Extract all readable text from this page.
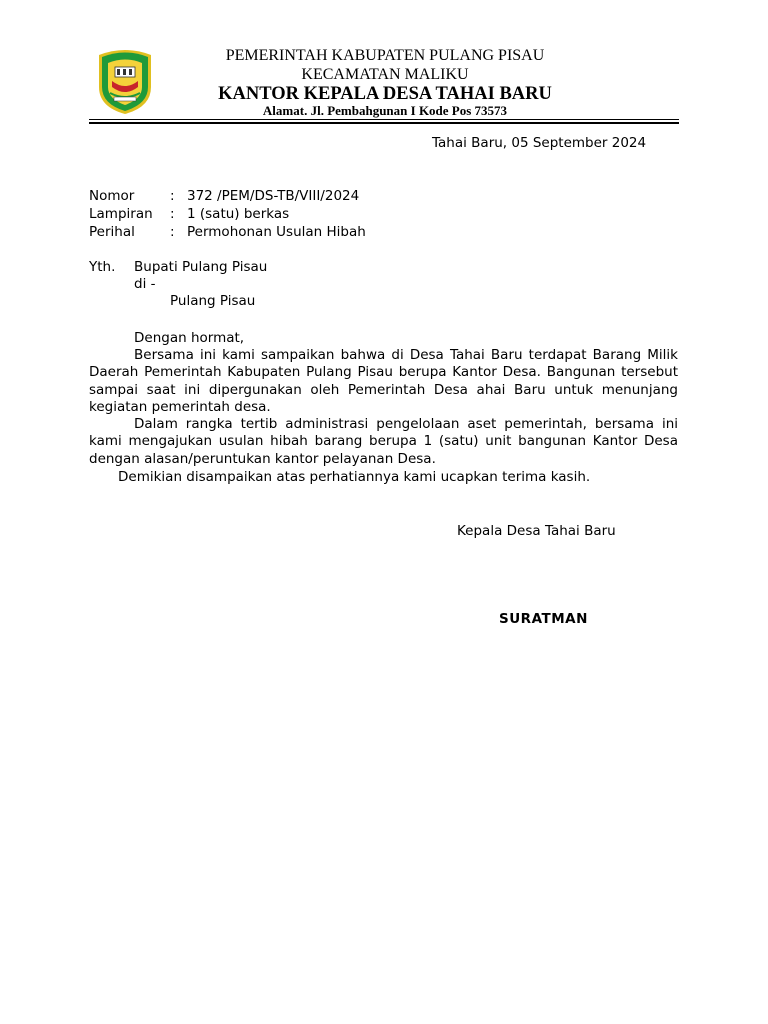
PEMERINTAH KABUPATEN PULANG PISAU
KECAMATAN MALIKU
KANTOR KEPALA DESA TAHAI BARU
Alamat. Jl. Pembahgunan I Kode Pos 73573
Tahai Baru, 05 September 2024
Nomor	: 372 /PEM/DS-TB/VIII/2024
Lampiran : 1 (satu) berkas
Perihal	: Permohonan Usulan Hibah
Yth. Bupati Pulang Pisau
di -
Pulang Pisau
Dengan hormat,

Bersama ini kami sampaikan bahwa di Desa Tahai Baru terdapat Barang Milik Daerah Pemerintah Kabupaten Pulang Pisau berupa Kantor Desa. Bangunan tersebut sampai saat ini dipergunakan oleh Pemerintah Desa ahai Baru untuk menunjang kegiatan pemerintah desa.

Dalam rangka tertib administrasi pengelolaan aset pemerintah, bersama ini kami mengajukan usulan hibah barang berupa 1 (satu) unit bangunan Kantor Desa dengan alasan/peruntukan kantor pelayanan Desa.

Demikian disampaikan atas perhatiannya kami ucapkan terima kasih.

Kepala Desa Tahai Baru
SURATMAN
